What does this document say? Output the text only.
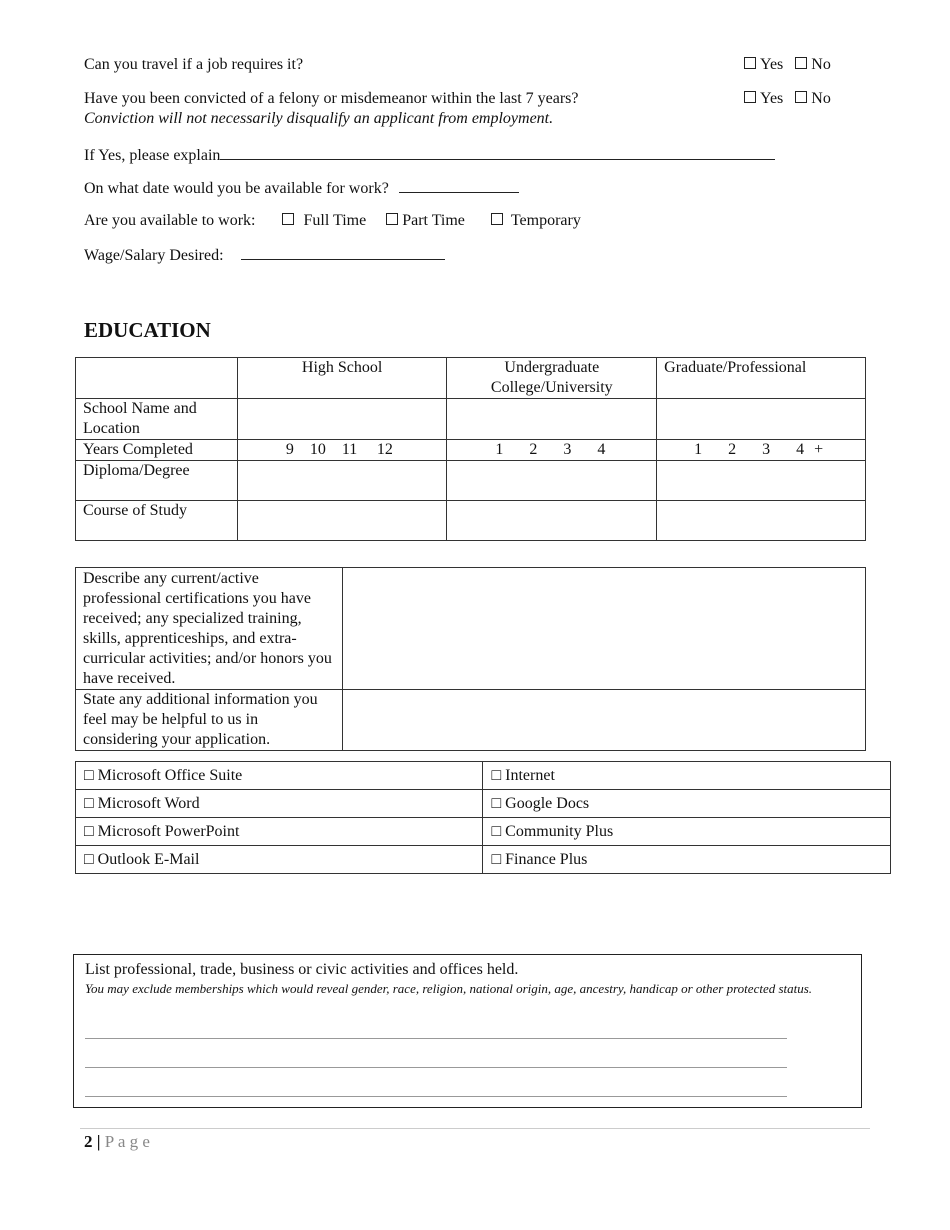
Can you travel if a job requires it?	Yes No
Have you been convicted of a felony or misdemeanor within the last 7 years?
Conviction will not necessarily disqualify an applicant from employment.
Yes No
If Yes, please explain
On what date would you be available for work?
Are you available to work:	Full Time Part Time	Temporary
Wage/Salary Desired:
EDUCATION
	High School	Undergraduate College/University	Graduate/Professional
School Name and Location			
Years Completed	9 10 11 12	1 2 3 4	1 2 3 4 +
Diploma/Degree			
Course of Study			
Describe any current/active professional certifications you have received; any specialized training, skills, apprenticeships, and extra-curricular activities; and/or honors you have received.	
State any additional information you feel may be helpful to us in considering your application.	
□ Microsoft Office Suite	□ Internet
□ Microsoft Word	□ Google Docs
□ Microsoft PowerPoint	□ Community Plus
□ Outlook E-Mail	□ Finance Plus
List professional, trade, business or civic activities and offices held.
You may exclude memberships which would reveal gender, race, religion, national origin, age, ancestry, handicap or other protected status.
2 | P a g e
